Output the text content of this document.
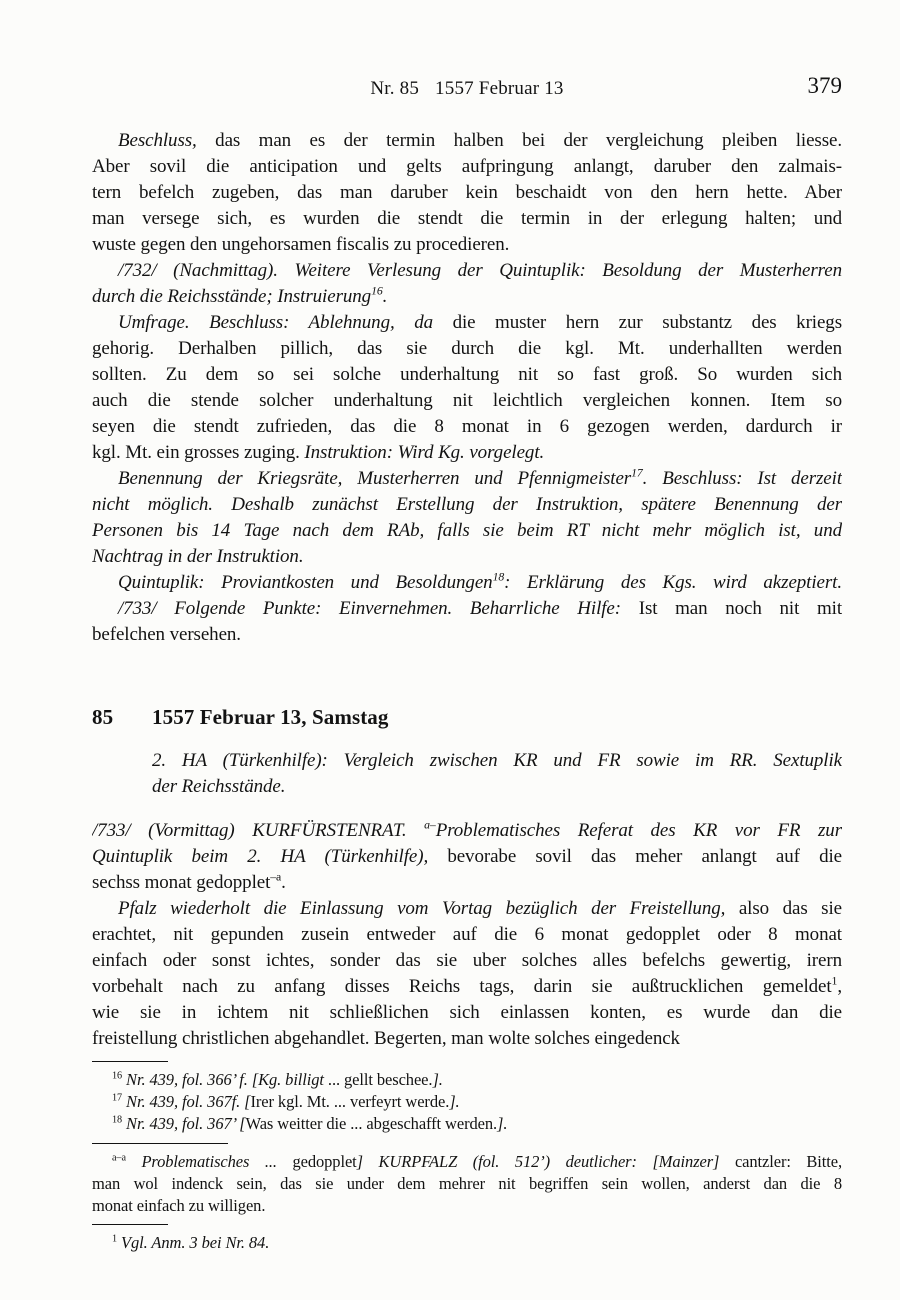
Nr. 85 1557 Februar 13	379
Beschluss, das man es der termin halben bei der vergleichung pleiben liesse.
Aber sovil die anticipation und gelts aufpringung anlangt, daruber den zalmais-
tern befelch zugeben, das man daruber kein beschaidt von den hern hette. Aber
man versege sich, es wurden die stendt die termin in der erlegung halten; und
wuste gegen den ungehorsamen fiscalis zu procedieren.
/732/ (Nachmittag). Weitere Verlesung der Quintuplik: Besoldung der Musterherren
durch die Reichsstände; Instruierung$^{16}$.
Umfrage. Beschluss: Ablehnung, da die muster hern zur substantz des kriegs
gehorig. Derhalben pillich, das sie durch die kgl. Mt. underhallten werden
sollten. Zu dem so sei solche underhaltung nit so fast groß. So wurden sich
auch die stende solcher underhaltung nit leichtlich vergleichen konnen. Item so
seyen die stendt zufrieden, das die 8 monat in 6 gezogen werden, dardurch ir
kgl. Mt. ein grosses zuging. Instruktion: Wird Kg. vorgelegt.
Benennung der Kriegsräte, Musterherren und Pfennigmeister$^{17}$. Beschluss: Ist derzeit
nicht möglich. Deshalb zunächst Erstellung der Instruktion, spätere Benennung der
Personen bis 14 Tage nach dem RAb, falls sie beim RT nicht mehr möglich ist, und
Nachtrag in der Instruktion.
Quintuplik: Proviantkosten und Besoldungen$^{18}$: Erklärung des Kgs. wird akzeptiert.
/733/ Folgende Punkte: Einvernehmen. Beharrliche Hilfe: Ist man noch nit mit
befelchen versehen.
85 1557 Februar 13, Samstag
2. HA (Türkenhilfe): Vergleich zwischen KR und FR sowie im RR. Sextuplik
der Reichsstände.
/733/ (Vormittag) KURFÜRSTENRAT. $^{a-}$Problematisches Referat des KR vor FR zur
Quintuplik beim 2. HA (Türkenhilfe), bevorabe sovil das meher anlangt auf die
sechss monat gedopplet$^{-a}$.
Pfalz wiederholt die Einlassung vom Vortag bezüglich der Freistellung, also das sie
erachtet, nit gepunden zusein entweder auf die 6 monat gedopplet oder 8 monat
einfach oder sonst ichtes, sonder das sie uber solches alles befelchs gewertig, irern
vorbehalt nach zu anfang disses Reichs tags, darin sie außtrucklichen gemeldet$^1$,
wie sie in ichtem nit schließlichen sich einlassen konten, es wurde dan die
freistellung christlichen abgehandlet. Begerten, man wolte solches eingedenck
$^{16}$ Nr. 439, fol. 366’ f. [Kg. billigt ... gellt beschee.].
$^{17}$ Nr. 439, fol. 367f. [Irer kgl. Mt. ... verfeyrt werde.].
$^{18}$ Nr. 439, fol. 367’ [Was weitter die ... abgeschafft werden.].
$^{a-a}$ Problematisches ... gedopplet] KURPFALZ (fol. 512’) deutlicher: [Mainzer] cantzler: Bitte,
man wol indenck sein, das sie under dem mehrer nit begriffen sein wollen, anderst dan die 8
monat einfach zu willigen.
$^1$ Vgl. Anm. 3 bei Nr. 84.
